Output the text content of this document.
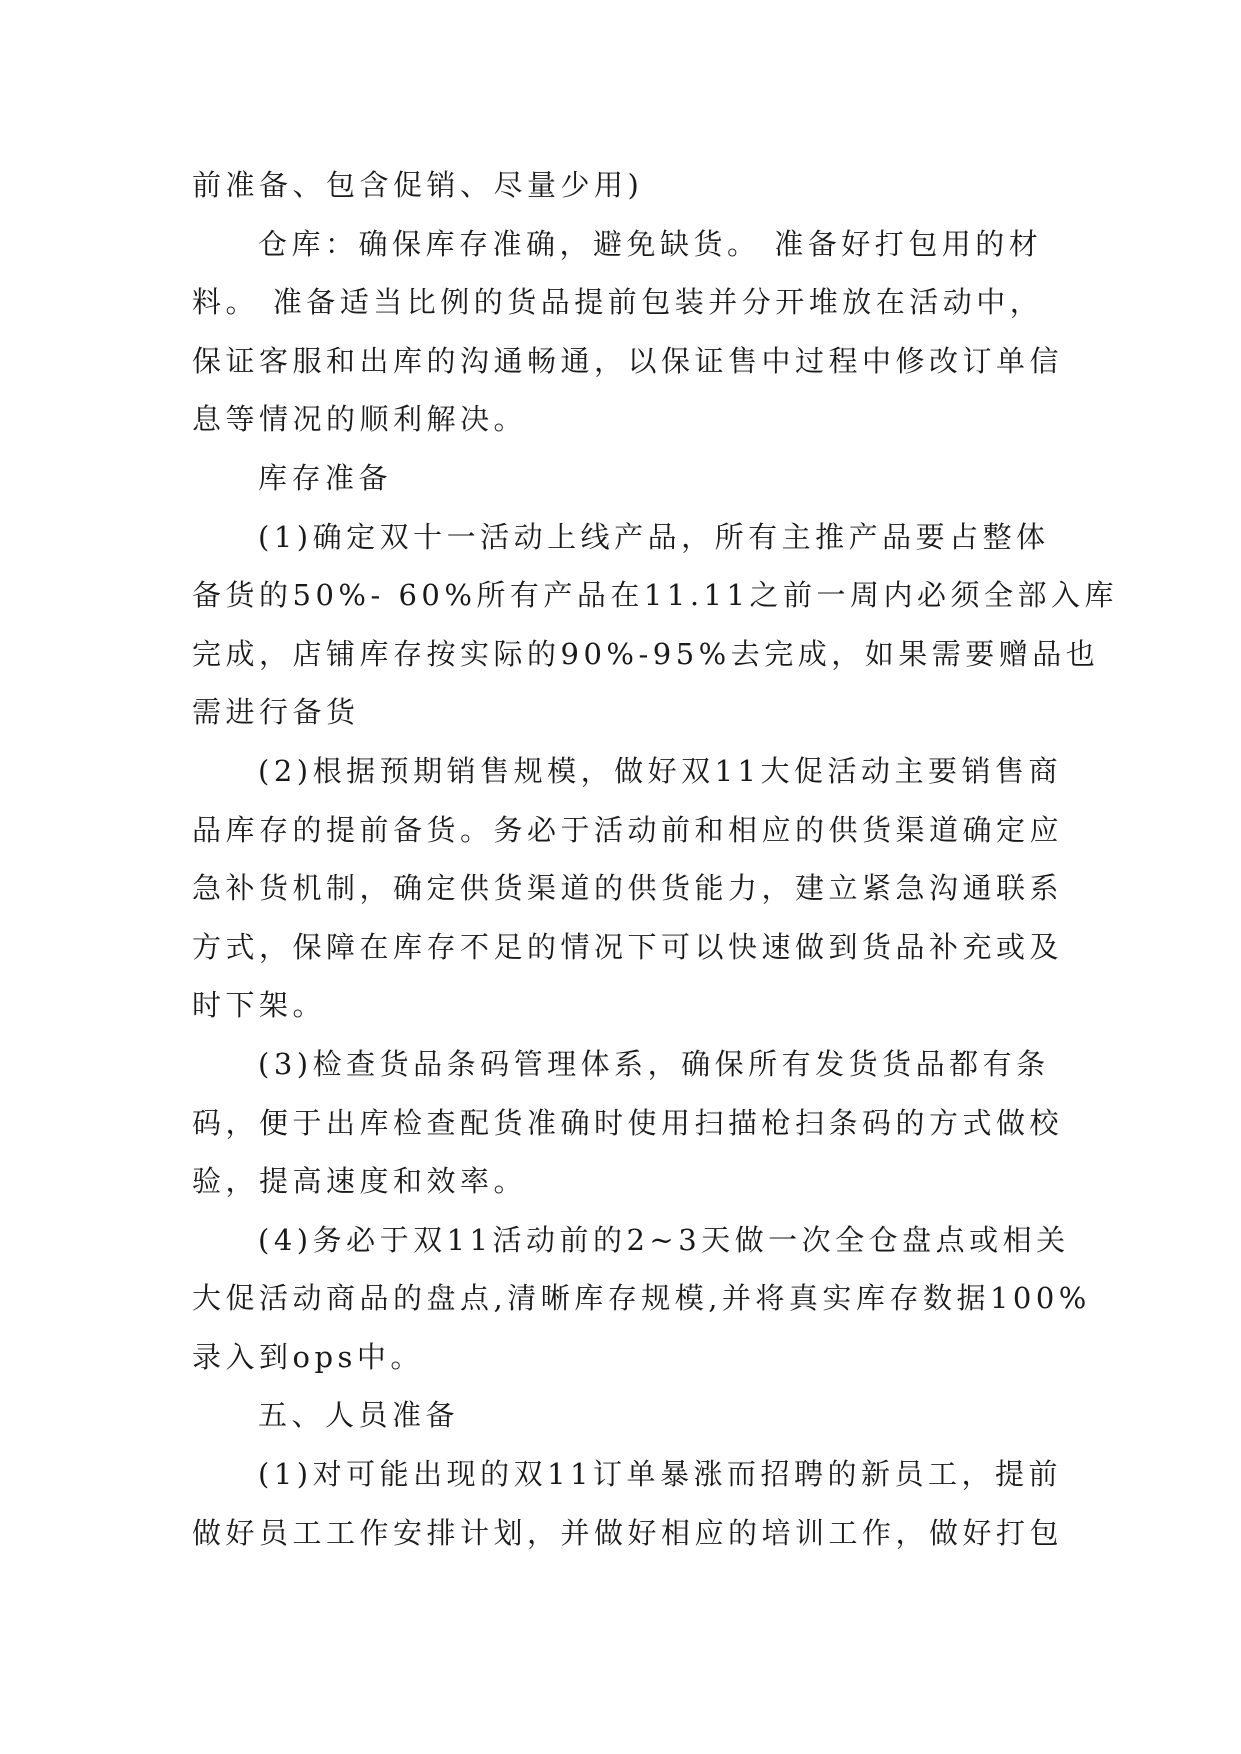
前准备、包含促销、尽量少用)
仓库：确保库存准确，避免缺货。 准备好打包用的材
料。 准备适当比例的货品提前包装并分开堆放在活动中，
保证客服和出库的沟通畅通，以保证售中过程中修改订单信
息等情况的顺利解决。
库存准备
(1)确定双十一活动上线产品，所有主推产品要占整体
备货的50%- 60%所有产品在11.11之前一周内必须全部入库
完成，店铺库存按实际的90%-95%去完成，如果需要赠品也
需进行备货
(2)根据预期销售规模，做好双11大促活动主要销售商
品库存的提前备货。务必于活动前和相应的供货渠道确定应
急补货机制，确定供货渠道的供货能力，建立紧急沟通联系
方式，保障在库存不足的情况下可以快速做到货品补充或及
时下架。
(3)检查货品条码管理体系，确保所有发货货品都有条
码，便于出库检查配货准确时使用扫描枪扫条码的方式做校
验，提高速度和效率。
(4)务必于双11活动前的2~3天做一次全仓盘点或相关
大促活动商品的盘点,清晰库存规模,并将真实库存数据100%
录入到ops中。
五、人员准备
(1)对可能出现的双11订单暴涨而招聘的新员工，提前
做好员工工作安排计划，并做好相应的培训工作，做好打包
